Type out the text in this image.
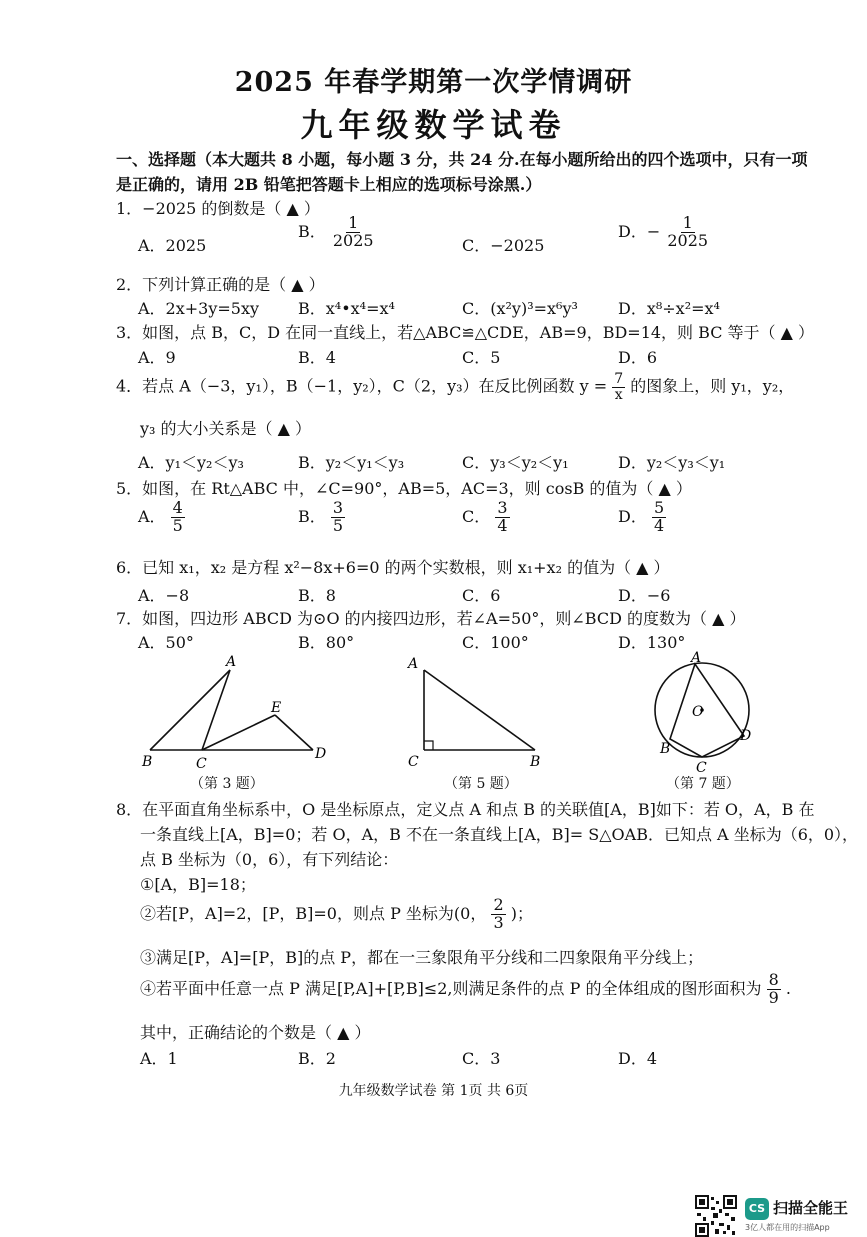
2025 年春学期第一次学情调研
九年级数学试卷
一、选择题（本大题共 8 小题，每小题 3 分，共 24 分.在每小题所给出的四个选项中，只有一项
是正确的，请用 2B 铅笔把答题卡上相应的选项标号涂黑.）
1．−2025 的倒数是（ ▲ ）
A．2025
B． $\frac{1}{2025}$	C．−2025
D．− $\frac{1}{2025}$
2．下列计算正确的是（ ▲ ）
A．2x+3y=5xy B．x⁴•x⁴=x⁴	C．(x²y)³=x⁶y³	D．x⁸÷x²=x⁴
3．如图，点 B，C，D 在同一直线上，若△ABC≌△CDE，AB=9，BD=14，则 BC 等于（ ▲ ）
A．9	B．4	C．5	D．6
4．若点 A（−3，y₁），B（−1，y₂），C（2，y₃）在反比例函数 $y = \frac{7}{x}$ 的图象上，则 y₁，y₂，
y₃ 的大小关系是（ ▲ ）
A．y₁＜y₂＜y₃	B．y₂＜y₁＜y₃	C．y₃＜y₂＜y₁	D．y₂＜y₃＜y₁
5．如图，在 Rt△ABC 中，∠C=90°，AB=5，AC=3，则 cosB 的值为（ ▲ ）
A． $\frac{4}{5}$	B． $\frac{3}{5}$	C． $\frac{3}{4}$	D． $\frac{5}{4}$
6．已知 x₁，x₂ 是方程 x²−8x+6=0 的两个实数根，则 x₁+x₂ 的值为（ ▲ ）
A．−8	B．8	C．6	D．−6
7．如图，四边形 ABCD 为⊙O 的内接四边形，若∠A=50°，则∠BCD 的度数为（ ▲ ）
A．50°	B．80°	C．100°	D．130°
A
B	C
D
E
A
C	B
A
B
C
D
O
（第 3 题）	（第 5 题）	（第 7 题）
8．在平面直角坐标系中，O 是坐标原点，定义点 A 和点 B 的关联值[A，B]如下：若 O，A，B 在
一条直线上[A，B]=0；若 O，A，B 不在一条直线上[A，B]= S△OAB．已知点 A 坐标为（6，0），
点 B 坐标为（0，6），有下列结论：
①[A，B]=18；
②若[P，A]=2，[P，B]=0，则点 P 坐标为(0， $\frac{2}{3}$ )；
③满足[P，A]=[P，B]的点 P，都在一三象限角平分线和二四象限角平分线上；
④若平面中任意一点 P 满足[P,A]+[P,B]≤2,则满足条件的点 P 的全体组成的图形面积为 $\frac{8}{9}$ .
其中，正确结论的个数是（ ▲ ）
A．1	B．2	C．3	D．4
九年级数学试卷 第 1页 共 6页
CS 扫描全能王
3亿人都在用的扫描App
